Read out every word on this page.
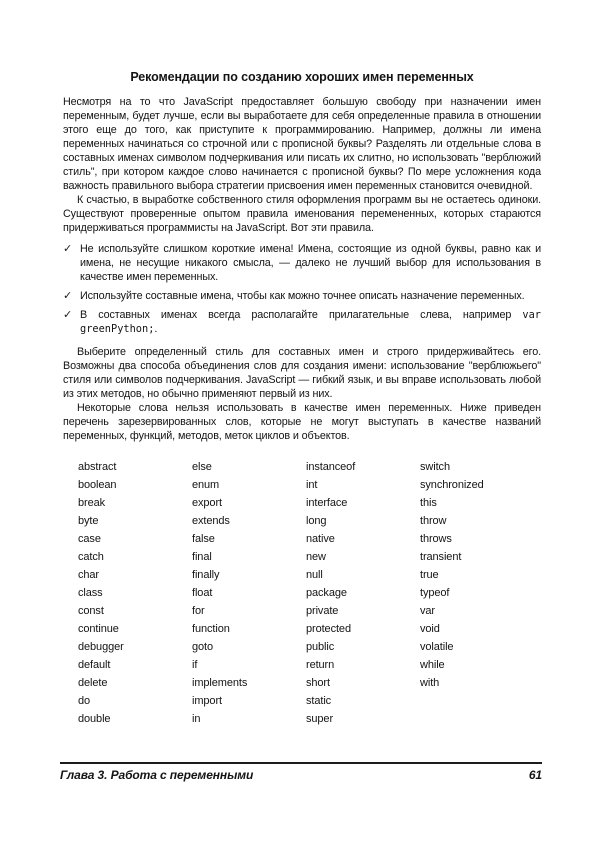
Рекомендации по созданию хороших имен переменных

Несмотря на то что JavaScript предоставляет большую свободу при назначении имен переменным, будет лучше, если вы выработаете для себя определенные правила в отношении этого еще до того, как приступите к программированию. Например, должны ли имена переменных начинаться со строчной или с прописной буквы? Разделять ли отдельные слова в составных именах символом подчеркивания или писать их слитно, но использовать "верблюжий стиль", при котором каждое слово начинается с прописной буквы? По мере усложнения кода важность правильного выбора стратегии присвоения имен переменных становится очевидной.

К счастью, в выработке собственного стиля оформления программ вы не остаетесь одиноки. Существуют проверенные опытом правила именования перемененных, которых стараются придерживаться программисты на JavaScript. Вот эти правила.

✓ Не используйте слишком короткие имена! Имена, состоящие из одной буквы, равно как и имена, не несущие никакого смысла, — далеко не лучший выбор для использования в качестве имен переменных.
✓ Используйте составные имена, чтобы как можно точнее описать назначение переменных.
✓ В составных именах всегда располагайте прилагательные слева, например var greenPython;.

Выберите определенный стиль для составных имен и строго придерживайтесь его. Возможны два способа объединения слов для создания имени: использование "верблюжьего" стиля или символов подчеркивания. JavaScript — гибкий язык, и вы вправе использовать любой из этих методов, но обычно применяют первый из них.

Некоторые слова нельзя использовать в качестве имен переменных. Ниже приведен перечень зарезервированных слов, которые не могут выступать в качестве названий переменных, функций, методов, меток циклов и объектов.

abstract
boolean
break
byte
case
catch
char
class
const
continue
debugger
default
delete
do
double
else
enum
export
extends
false
final
finally
float
for
function
goto
if
implements
import
in
instanceof
int
interface
long
native
new
null
package
private
protected
public
return
short
static
super
switch
synchronized
this
throw
throws
transient
true
typeof
var
void
volatile
while
with
Глава 3. Работа с переменными	61
